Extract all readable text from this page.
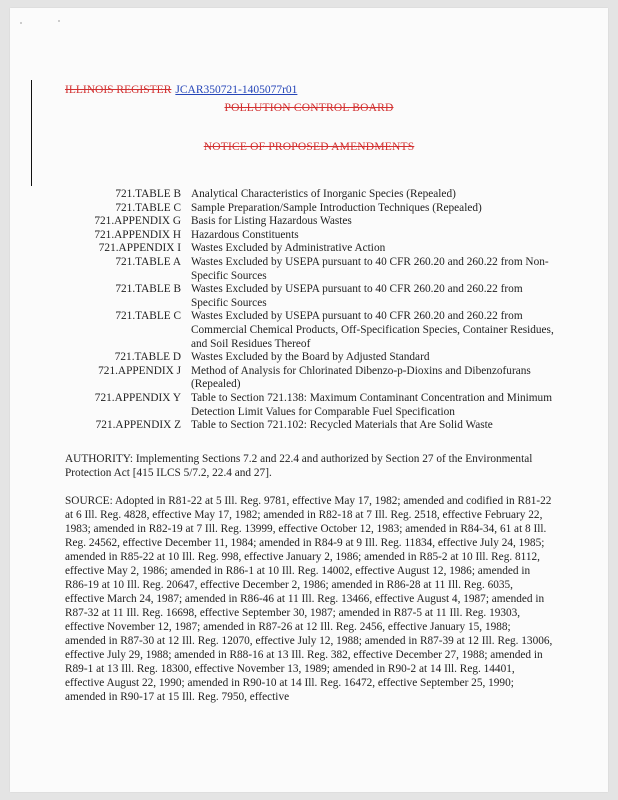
ILLINOIS REGISTER JCAR350721-1405077r01
POLLUTION CONTROL BOARD
NOTICE OF PROPOSED AMENDMENTS
721.TABLE B	Analytical Characteristics of Inorganic Species (Repealed)
721.TABLE C	Sample Preparation/Sample Introduction Techniques (Repealed)
721.APPENDIX G	Basis for Listing Hazardous Wastes
721.APPENDIX H	Hazardous Constituents
721.APPENDIX I	Wastes Excluded by Administrative Action
721.TABLE A	Wastes Excluded by USEPA pursuant to 40 CFR 260.20 and 260.22 from Non-Specific Sources
721.TABLE B	Wastes Excluded by USEPA pursuant to 40 CFR 260.20 and 260.22 from Specific Sources
721.TABLE C	Wastes Excluded by USEPA pursuant to 40 CFR 260.20 and 260.22 from Commercial Chemical Products, Off-Specification Species, Container Residues, and Soil Residues Thereof
721.TABLE D	Wastes Excluded by the Board by Adjusted Standard
721.APPENDIX J	Method of Analysis for Chlorinated Dibenzo-p-Dioxins and Dibenzofurans (Repealed)
721.APPENDIX Y	Table to Section 721.138: Maximum Contaminant Concentration and Minimum Detection Limit Values for Comparable Fuel Specification
721.APPENDIX Z	Table to Section 721.102: Recycled Materials that Are Solid Waste

AUTHORITY: Implementing Sections 7.2 and 22.4 and authorized by Section 27 of the Environmental Protection Act [415 ILCS 5/7.2, 22.4 and 27].

SOURCE: Adopted in R81-22 at 5 Ill. Reg. 9781, effective May 17, 1982; amended and codified in R81-22 at 6 Ill. Reg. 4828, effective May 17, 1982; amended in R82-18 at 7 Ill. Reg. 2518, effective February 22, 1983; amended in R82-19 at 7 Ill. Reg. 13999, effective October 12, 1983; amended in R84-34, 61 at 8 Ill. Reg. 24562, effective December 11, 1984; amended in R84-9 at 9 Ill. Reg. 11834, effective July 24, 1985; amended in R85-22 at 10 Ill. Reg. 998, effective January 2, 1986; amended in R85-2 at 10 Ill. Reg. 8112, effective May 2, 1986; amended in R86-1 at 10 Ill. Reg. 14002, effective August 12, 1986; amended in R86-19 at 10 Ill. Reg. 20647, effective December 2, 1986; amended in R86-28 at 11 Ill. Reg. 6035, effective March 24, 1987; amended in R86-46 at 11 Ill. Reg. 13466, effective August 4, 1987; amended in R87-32 at 11 Ill. Reg. 16698, effective September 30, 1987; amended in R87-5 at 11 Ill. Reg. 19303, effective November 12, 1987; amended in R87-26 at 12 Ill. Reg. 2456, effective January 15, 1988; amended in R87-30 at 12 Ill. Reg. 12070, effective July 12, 1988; amended in R87-39 at 12 Ill. Reg. 13006, effective July 29, 1988; amended in R88-16 at 13 Ill. Reg. 382, effective December 27, 1988; amended in R89-1 at 13 Ill. Reg. 18300, effective November 13, 1989; amended in R90-2 at 14 Ill. Reg. 14401, effective August 22, 1990; amended in R90-10 at 14 Ill. Reg. 16472, effective September 25, 1990; amended in R90-17 at 15 Ill. Reg. 7950, effective
